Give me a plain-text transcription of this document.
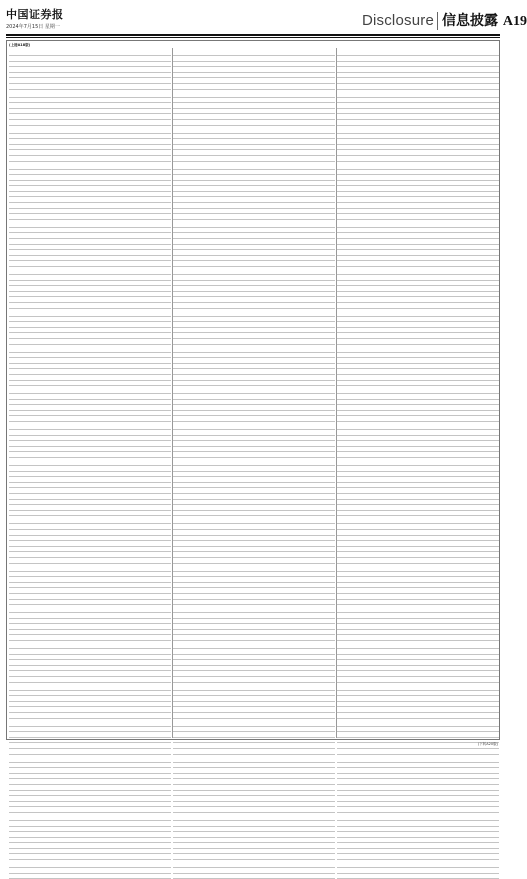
中国证券报
2024年7月15日 星期一	Disclosure 信息披露 A19
(上接A18版)
(下转A20版)
